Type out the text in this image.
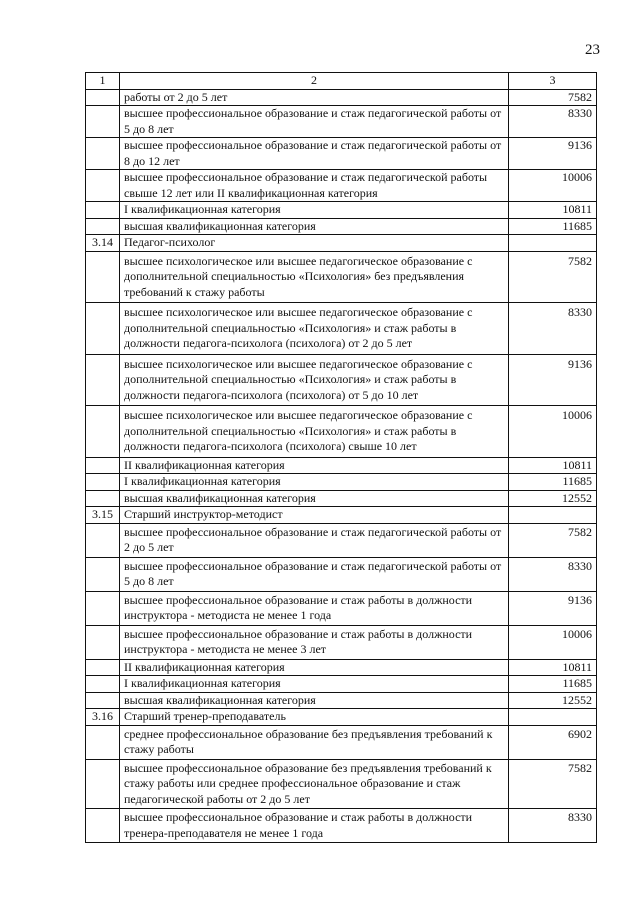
23
1	2	3
	работы от 2 до 5 лет	7582
	высшее профессиональное образование и стаж педагогической работы от 5 до 8 лет	8330
	высшее профессиональное образование и стаж педагогической работы от 8 до 12 лет	9136
	высшее профессиональное образование и стаж педагогической работы свыше 12 лет или II квалификационная категория	10006
	I квалификационная категория	10811
	высшая квалификационная категория	11685
3.14	Педагог-психолог	
	высшее психологическое или высшее педагогическое образование с дополнительной специальностью «Психология» без предъявления требований к стажу работы	7582
	высшее психологическое или высшее педагогическое образование с дополнительной специальностью «Психология» и стаж работы в должности педагога-психолога (психолога) от 2 до 5 лет	8330
	высшее психологическое или высшее педагогическое образование с дополнительной специальностью «Психология» и стаж работы в должности педагога-психолога (психолога) от 5 до 10 лет	9136
	высшее психологическое или высшее педагогическое образование с дополнительной специальностью «Психология» и стаж работы в должности педагога-психолога (психолога) свыше 10 лет	10006
	II квалификационная категория	10811
	I квалификационная категория	11685
	высшая квалификационная категория	12552
3.15	Старший инструктор-методист	
	высшее профессиональное образование и стаж педагогической работы от 2 до 5 лет	7582
	высшее профессиональное образование и стаж педагогической работы от 5 до 8 лет	8330
	высшее профессиональное образование и стаж работы в должности инструктора - методиста не менее 1 года	9136
	высшее профессиональное образование и стаж работы в должности инструктора - методиста не менее 3 лет	10006
	II квалификационная категория	10811
	I квалификационная категория	11685
	высшая квалификационная категория	12552
3.16	Старший тренер-преподаватель	
	среднее профессиональное образование без предъявления требований к стажу работы	6902
	высшее профессиональное образование без предъявления требований к стажу работы или среднее профессиональное образование и стаж педагогической работы от 2 до 5 лет	7582
	высшее профессиональное образование и стаж работы в должности тренера-преподавателя не менее 1 года	8330
